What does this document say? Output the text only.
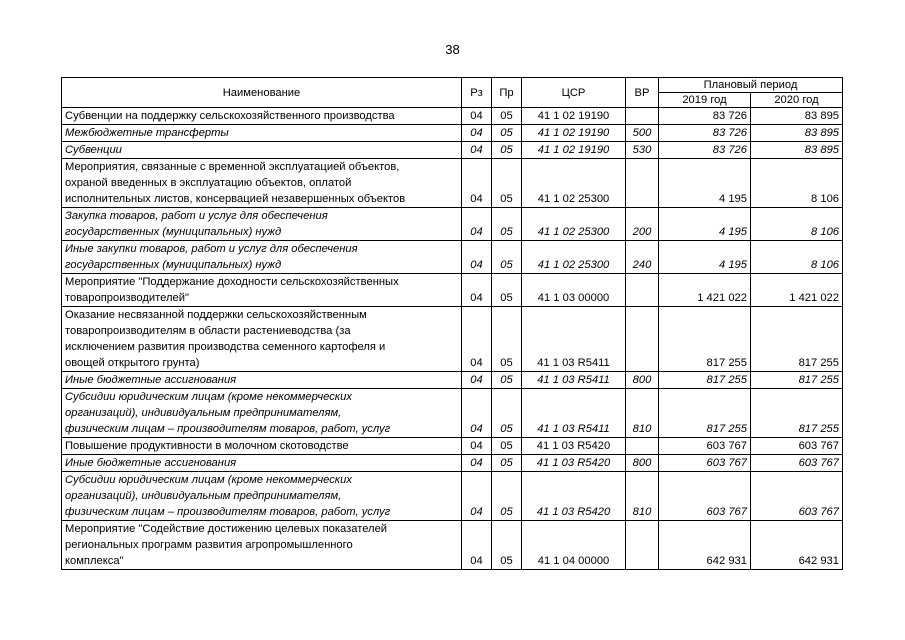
38
Наименование	Рз	Пр	ЦСР	ВР	Плановый период	
					2019 год	2020 год
Субвенции на поддержку сельскохозяйственного производства	04	05	41 1 02 19190		83 726	83 895
Межбюджетные трансферты	04	05	41 1 02 19190	500	83 726	83 895
Субвенции	04	05	41 1 02 19190	530	83 726	83 895
Мероприятия, связанные с временной эксплуатацией объектов,
охраной введенных в эксплуатацию объектов, оплатой
исполнительных листов, консервацией незавершенных объектов	04	05	41 1 02 25300		4 195	8 106
Закупка товаров, работ и услуг для обеспечения
государственных (муниципальных) нужд	04	05	41 1 02 25300	200	4 195	8 106
Иные закупки товаров, работ и услуг для обеспечения
государственных (муниципальных) нужд	04	05	41 1 02 25300	240	4 195	8 106
Мероприятие "Поддержание доходности сельскохозяйственных
товаропроизводителей"	04	05	41 1 03 00000		1 421 022	1 421 022
Оказание несвязанной поддержки сельскохозяйственным
товаропроизводителям в области растениеводства (за
исключением развития производства семенного картофеля и
овощей открытого грунта)	04	05	41 1 03 R5411		817 255	817 255
Иные бюджетные ассигнования	04	05	41 1 03 R5411	800	817 255	817 255
Субсидии юридическим лицам (кроме некоммерческих
организаций), индивидуальным предпринимателям,
физическим лицам – производителям товаров, работ, услуг	04	05	41 1 03 R5411	810	817 255	817 255
Повышение продуктивности в молочном скотоводстве	04	05	41 1 03 R5420		603 767	603 767
Иные бюджетные ассигнования	04	05	41 1 03 R5420	800	603 767	603 767
Субсидии юридическим лицам (кроме некоммерческих
организаций), индивидуальным предпринимателям,
физическим лицам – производителям товаров, работ, услуг	04	05	41 1 03 R5420	810	603 767	603 767
Мероприятие "Содействие достижению целевых показателей
региональных программ развития агропромышленного
комплекса"	04	05	41 1 04 00000		642 931	642 931
